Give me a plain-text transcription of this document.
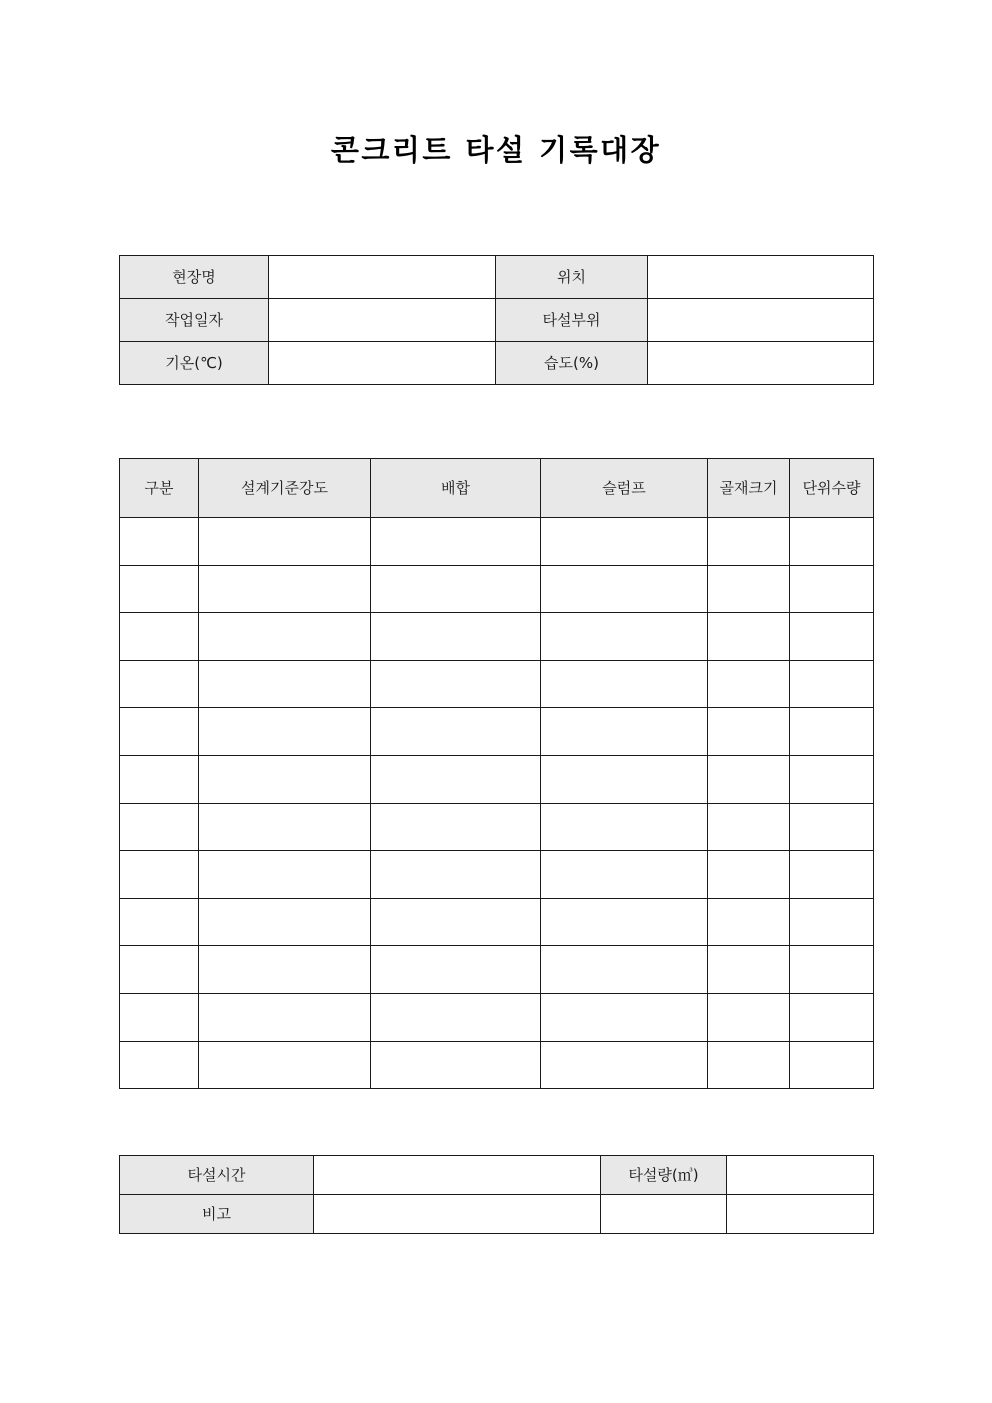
콘크리트 타설 기록대장
현장명		위치	

작업일자		타설부위	

기온(℃)		습도(%)	

구분	설계기준강도	배합	슬럼프	골재크기	단위수량

타설시간		타설량(㎥)	

비고			
